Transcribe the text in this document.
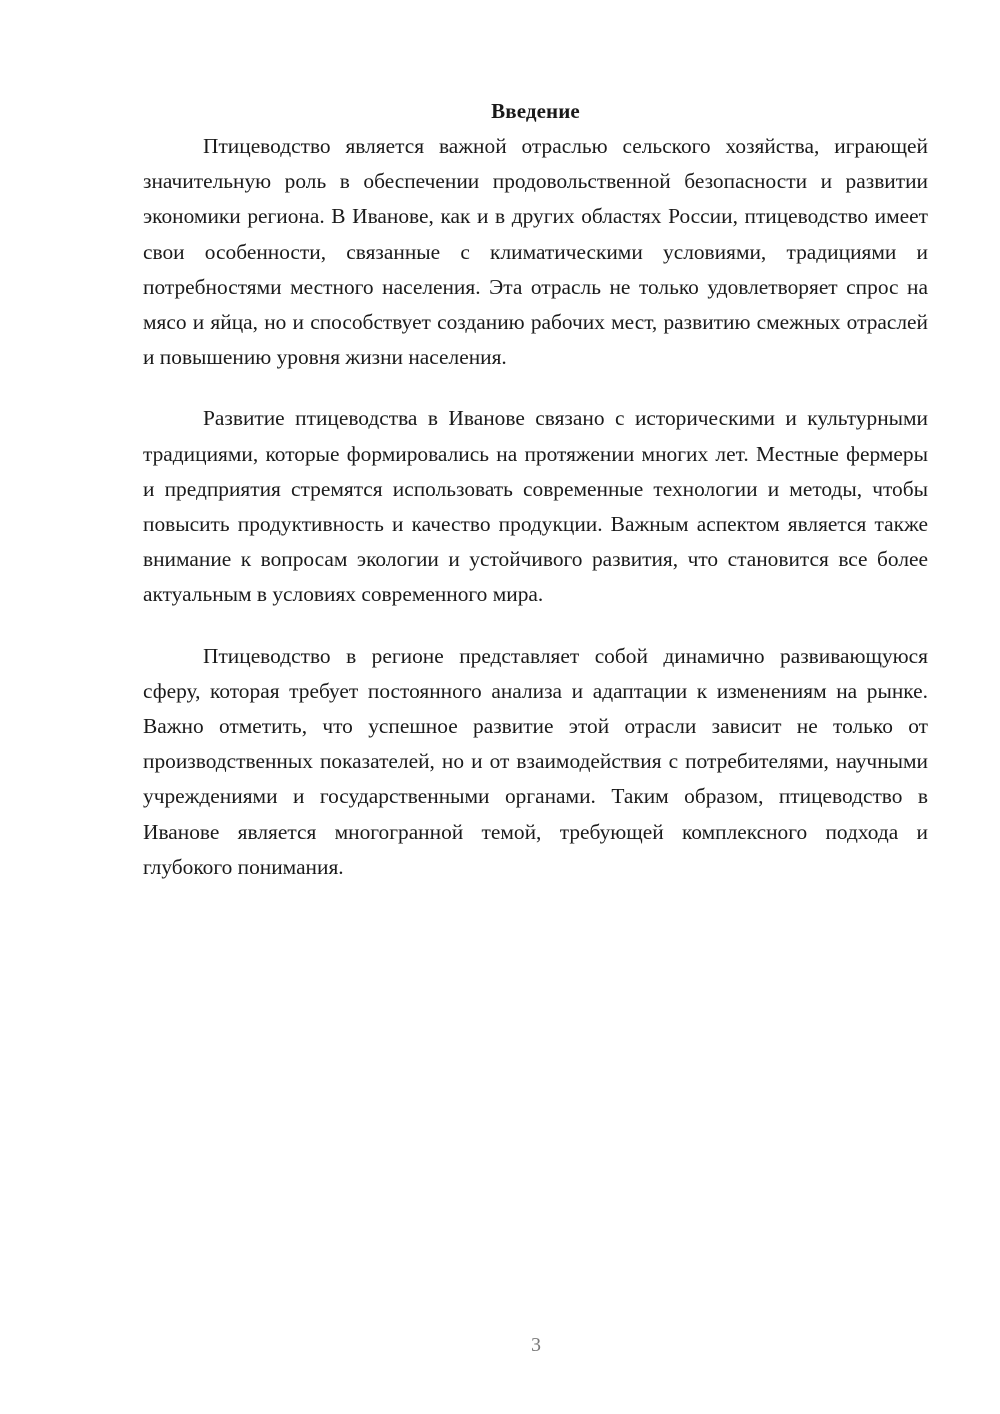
Введение

Птицеводство является важной отраслью сельского хозяйства, играющей значительную роль в обеспечении продовольственной безопасности и развитии экономики региона. В Иванове, как и в других областях России, птицеводство имеет свои особенности, связанные с климатическими условиями, традициями и потребностями местного населения. Эта отрасль не только удовлетворяет спрос на мясо и яйца, но и способствует созданию рабочих мест, развитию смежных отраслей и повышению уровня жизни населения.

Развитие птицеводства в Иванове связано с историческими и культурными традициями, которые формировались на протяжении многих лет. Местные фермеры и предприятия стремятся использовать современные технологии и методы, чтобы повысить продуктивность и качество продукции. Важным аспектом является также внимание к вопросам экологии и устойчивого развития, что становится все более актуальным в условиях современного мира.

Птицеводство в регионе представляет собой динамично развивающуюся сферу, которая требует постоянного анализа и адаптации к изменениям на рынке. Важно отметить, что успешное развитие этой отрасли зависит не только от производственных показателей, но и от взаимодействия с потребителями, научными учреждениями и государственными органами. Таким образом, птицеводство в Иванове является многогранной темой, требующей комплексного подхода и глубокого понимания.

3
